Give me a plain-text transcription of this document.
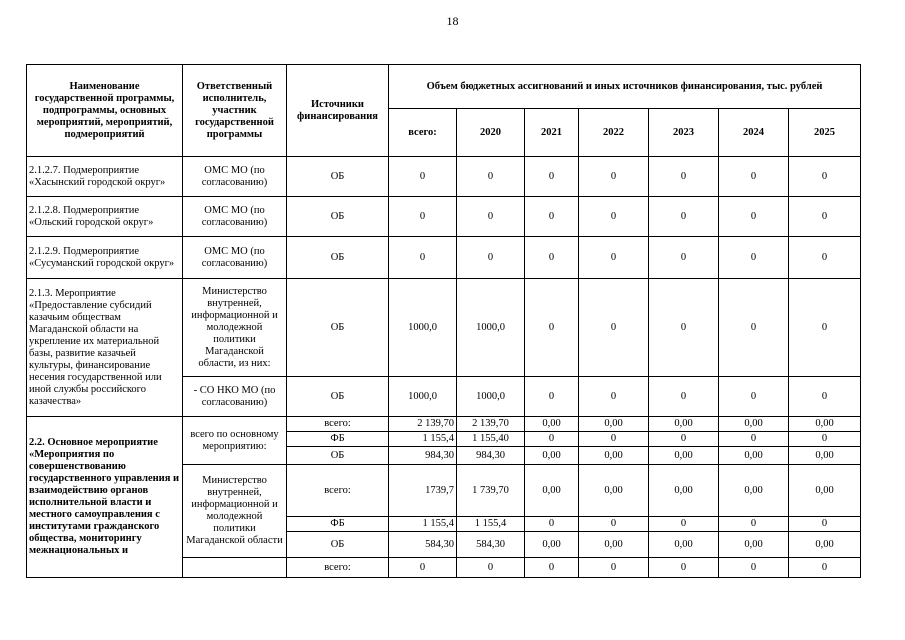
18
Наименование государственной программы, подпрограммы, основных мероприятий, мероприятий, подмероприятий	Ответственный исполнитель, участник государственной программы	Источники финансирования	Объем бюджетных ассигнований и иных источников финансирования, тыс. рублей						
			всего:	2020	2021	2022	2023	2024	2025
2.1.2.7. Подмероприятие «Хасынский городской округ»	ОМС МО (по согласованию)	ОБ	0	0	0	0	0	0	0
2.1.2.8. Подмероприятие «Ольский городской округ»	ОМС МО (по согласованию)	ОБ	0	0	0	0	0	0	0
2.1.2.9. Подмероприятие «Сусуманский городской округ»	ОМС МО (по согласованию)	ОБ	0	0	0	0	0	0	0
2.1.3. Мероприятие «Предоставление субсидий казачьим обществам Магаданской области на укрепление их материальной базы, развитие казачьей культуры, финансирование несения государственной или иной службы российского казачества»	Министерство внутренней, информационной и молодежной политики Магаданской области, из них:	ОБ	1000,0	1000,0	0	0	0	0	0
	- СО НКО МО (по согласованию)	ОБ	1000,0	1000,0	0	0	0	0	0
2.2. Основное мероприятие «Мероприятия по совершенствованию государственного управления и взаимодействию органов исполнительной власти и местного самоуправления с институтами гражданского общества, мониторингу межнациональных и	всего по основному мероприятию:	всего:	2 139,70	2 139,70	0,00	0,00	0,00	0,00	0,00
		ФБ	1 155,4	1 155,40	0	0	0	0	0
		ОБ	984,30	984,30	0,00	0,00	0,00	0,00	0,00
	Министерство внутренней, информационной и молодежной политики Магаданской области	всего:	1739,7	1 739,70	0,00	0,00	0,00	0,00	0,00
		ФБ	1 155,4	1 155,4	0	0	0	0	0
		ОБ	584,30	584,30	0,00	0,00	0,00	0,00	0,00
		всего:	0	0	0	0	0	0	0
